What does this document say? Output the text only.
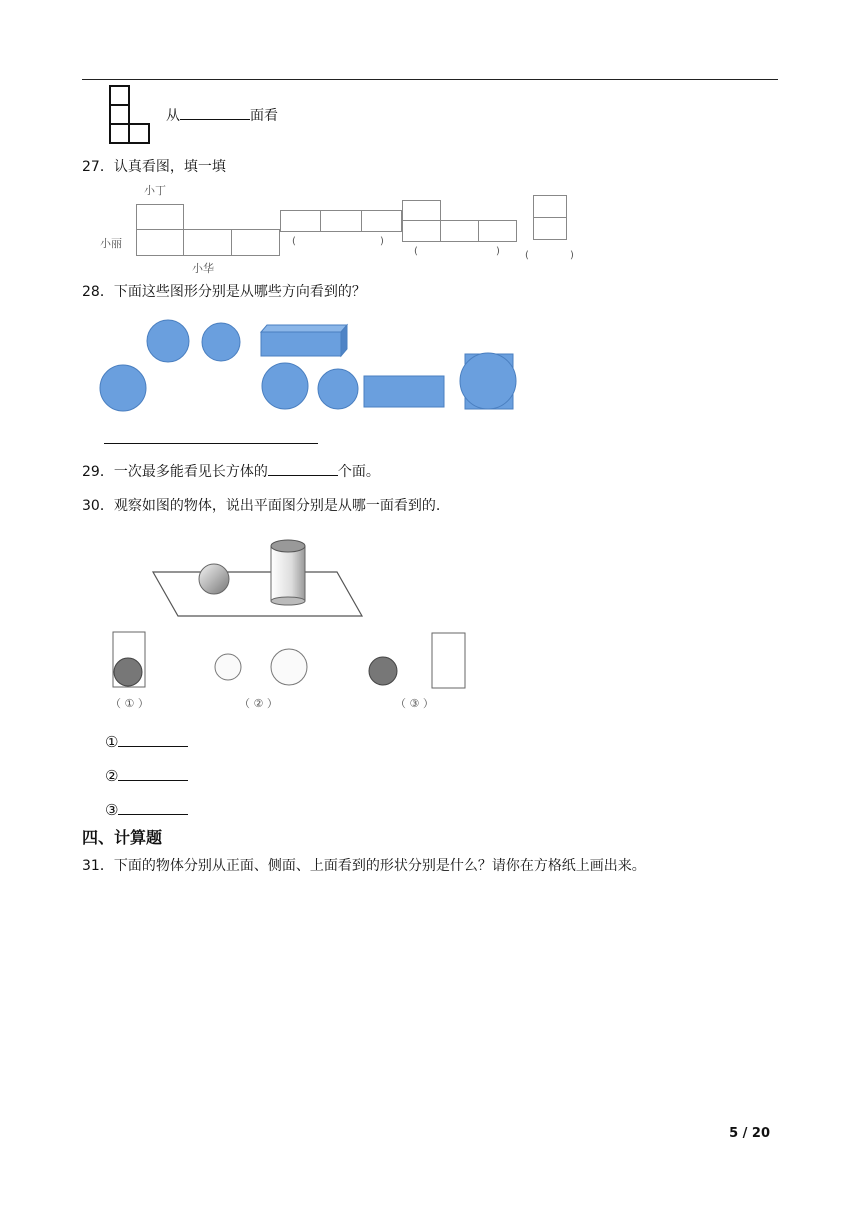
从	面看
27．认真看图，填一填
小丁
小丽
小华
(	)
(	)	(	)
28．下面这些图形分别是从哪些方向看到的？
29．一次最多能看见长方体的	个面。
30．观察如图的物体，说出平面图分别是从哪一面看到的.
（ ① ）	（ ② ）	（ ③ ）
①
②
③
四、计算题
31．下面的物体分别从正面、侧面、上面看到的形状分别是什么？请你在方格纸上画出来。
5 / 20
